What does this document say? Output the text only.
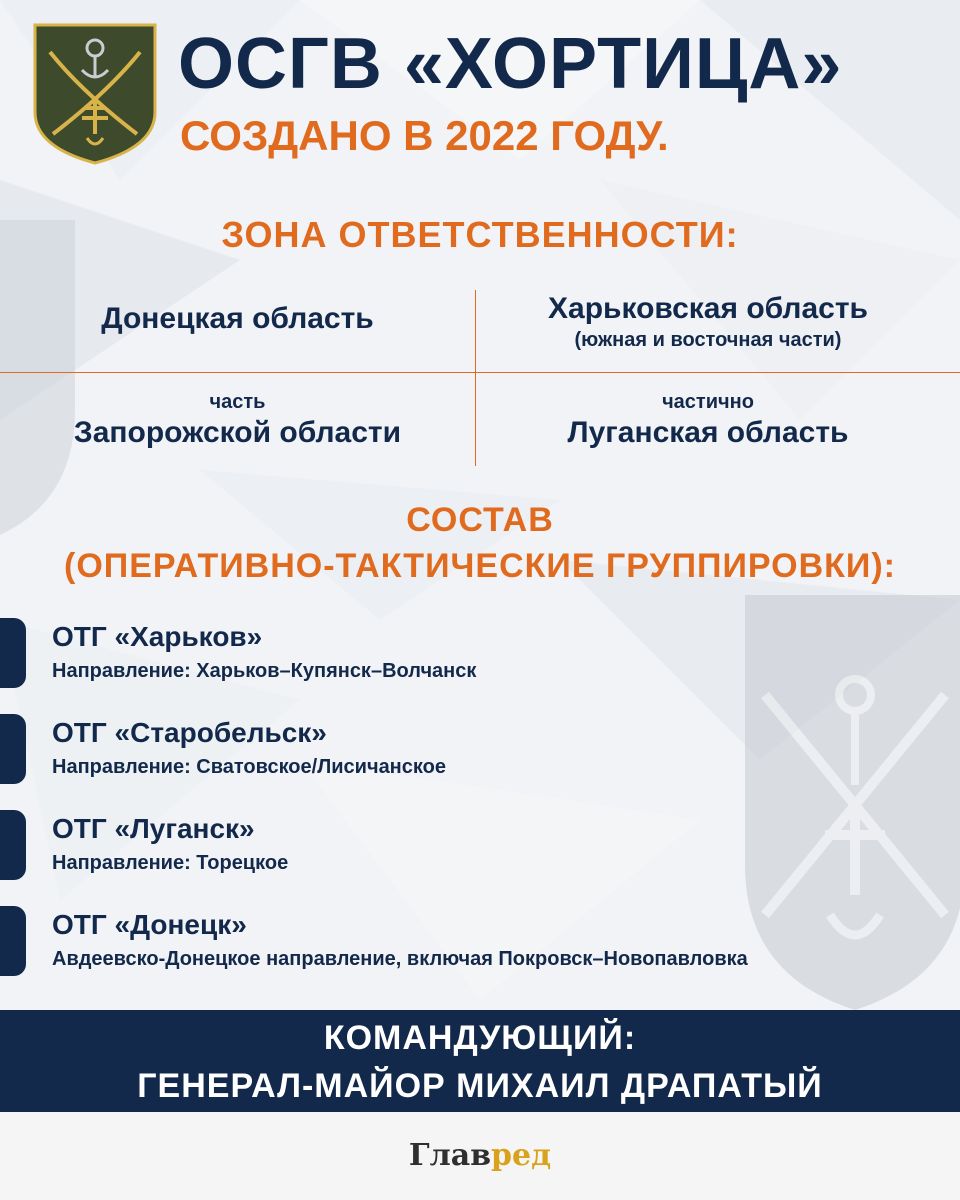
ОСГВ «ХОРТИЦА»
СОЗДАНО В 2022 ГОДУ.
ЗОНА ОТВЕТСТВЕННОСТИ:
Донецкая область	Харьковская область
(южная и восточная части)
часть
Запорожской области
частично
Луганская область
СОСТАВ
(ОПЕРАТИВНО-ТАКТИЧЕСКИЕ ГРУППИРОВКИ):
ОТГ «Харьков»
Направление: Харьков–Купянск–Волчанск
ОТГ «Старобельск»
Направление: Сватовское/Лисичанское
ОТГ «Луганск»
Направление: Торецкое
ОТГ «Донецк»
Авдеевско-Донецкое направление, включая Покровск–Новопавловка
КОМАНДУЮЩИЙ:
ГЕНЕРАЛ-МАЙОР МИХАИЛ ДРАПАТЫЙ
Главред
